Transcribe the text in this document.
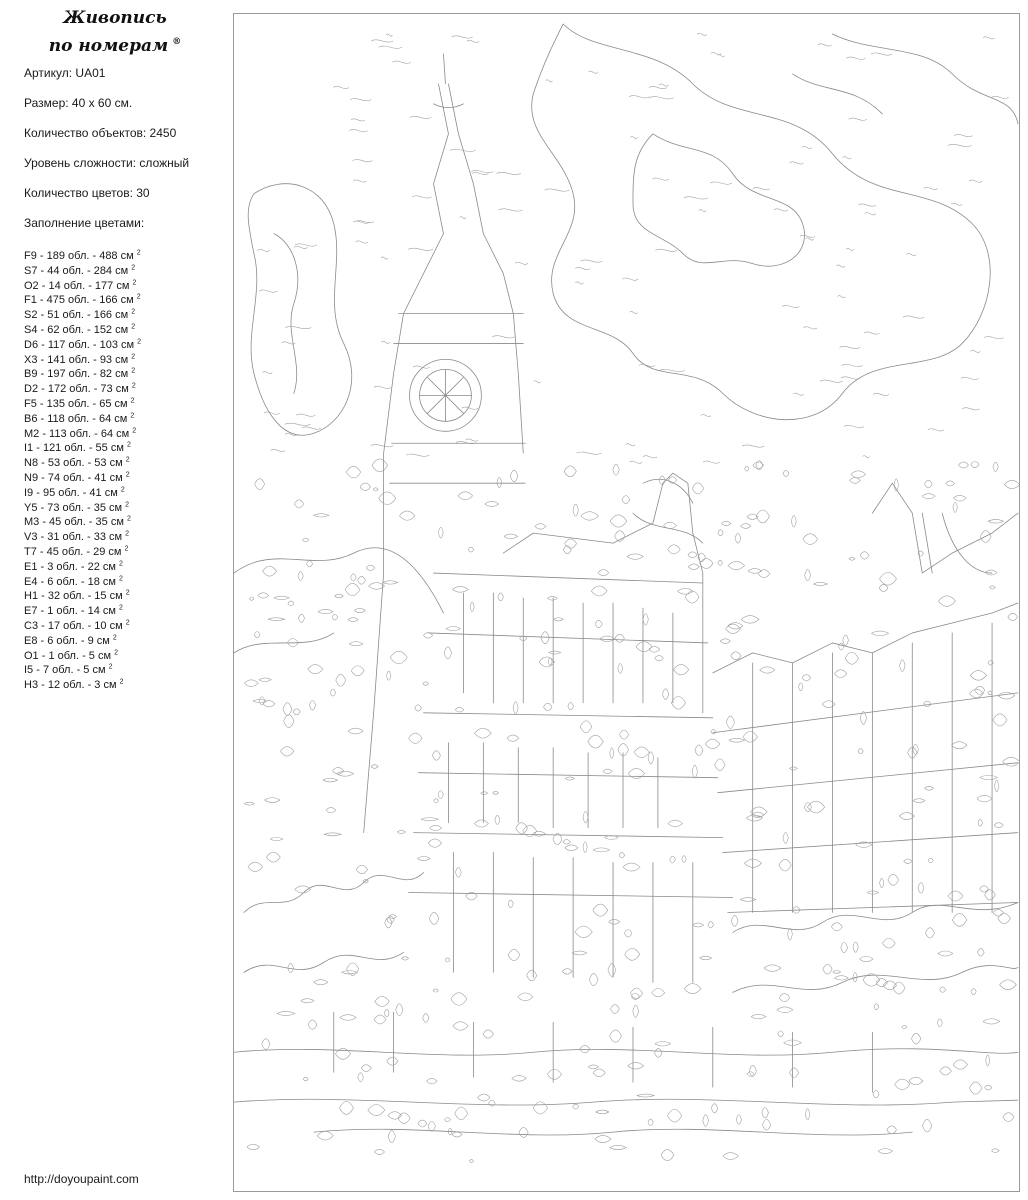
Живопись
по номерам ®
Артикул: UA01
Размер: 40 х 60 см.
Количество объектов: 2450
Уровень сложности: сложный
Количество цветов: 30
Заполнение цветами:
F9 - 189 обл. - 488 см $^2$
S7 - 44 обл. - 284 см $^2$
O2 - 14 обл. - 177 см $^2$
F1 - 475 обл. - 166 см $^2$
S2 - 51 обл. - 166 см $^2$
S4 - 62 обл. - 152 см $^2$
D6 - 117 обл. - 103 см $^2$
X3 - 141 обл. - 93 см $^2$
B9 - 197 обл. - 82 см $^2$
D2 - 172 обл. - 73 см $^2$
F5 - 135 обл. - 65 см $^2$
B6 - 118 обл. - 64 см $^2$
M2 - 113 обл. - 64 см $^2$
I1 - 121 обл. - 55 см $^2$
N8 - 53 обл. - 53 см $^2$
N9 - 74 обл. - 41 см $^2$
I9 - 95 обл. - 41 см $^2$
Y5 - 73 обл. - 35 см $^2$
M3 - 45 обл. - 35 см $^2$
V3 - 31 обл. - 33 см $^2$
T7 - 45 обл. - 29 см $^2$
E1 - 3 обл. - 22 см $^2$
E4 - 6 обл. - 18 см $^2$
H1 - 32 обл. - 15 см $^2$
E7 - 1 обл. - 14 см $^2$
C3 - 17 обл. - 10 см $^2$
E8 - 6 обл. - 9 см $^2$
O1 - 1 обл. - 5 см $^2$
I5 - 7 обл. - 5 см $^2$
H3 - 12 обл. - 3 см $^2$
http://doyoupaint.com
